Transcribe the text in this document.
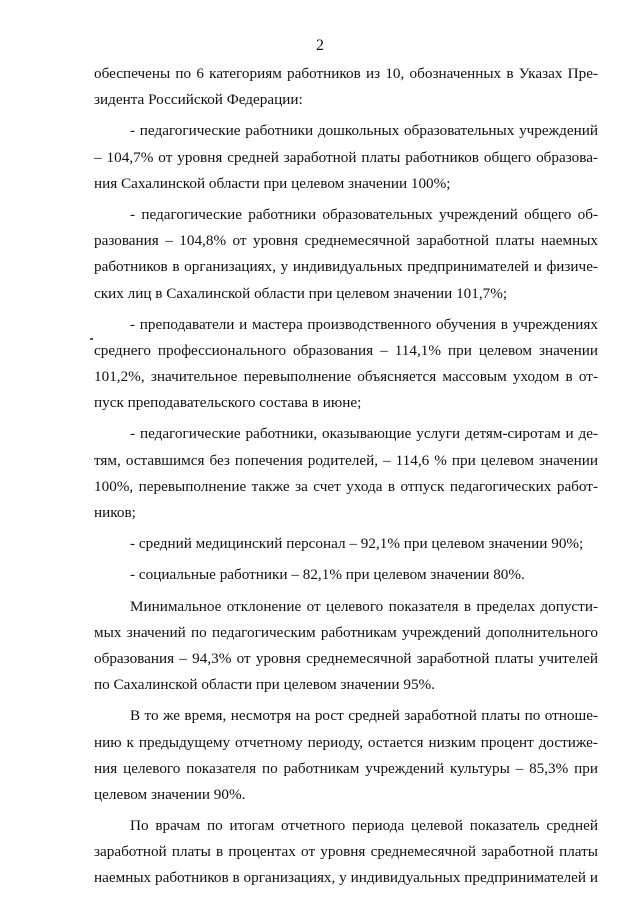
2

обеспечены по 6 категориям работников из 10, обозначенных в Указах Пре-
зидента Российской Федерации:

- педагогические работники дошкольных образовательных учреждений
– 104,7% от уровня средней заработной платы работников общего образова-
ния Сахалинской области при целевом значении 100%;

- педагогические работники образовательных учреждений общего об-
разования – 104,8% от уровня среднемесячной заработной платы наемных
работников в организациях, у индивидуальных предпринимателей и физиче-
ских лиц в Сахалинской области при целевом значении 101,7%;

- преподаватели и мастера производственного обучения в учреждениях
среднего профессионального образования – 114,1% при целевом значении
101,2%, значительное перевыполнение объясняется массовым уходом в от-
пуск преподавательского состава в июне;

- педагогические работники, оказывающие услуги детям-сиротам и де-
тям, оставшимся без попечения родителей, – 114,6 % при целевом значении
100%, перевыполнение также за счет ухода в отпуск педагогических работ-
ников;

- средний медицинский персонал – 92,1% при целевом значении 90%;

- социальные работники – 82,1% при целевом значении 80%.

Минимальное отклонение от целевого показателя в пределах допусти-
мых значений по педагогическим работникам учреждений дополнительного
образования – 94,3% от уровня среднемесячной заработной платы учителей
по Сахалинской области при целевом значении 95%.

В то же время, несмотря на рост средней заработной платы по отноше-
нию к предыдущему отчетному периоду, остается низким процент достиже-
ния целевого показателя по работникам учреждений культуры – 85,3% при
целевом значении 90%.

По врачам по итогам отчетного периода целевой показатель средней
заработной платы в процентах от уровня среднемесячной заработной платы
наемных работников в организациях, у индивидуальных предпринимателей и
